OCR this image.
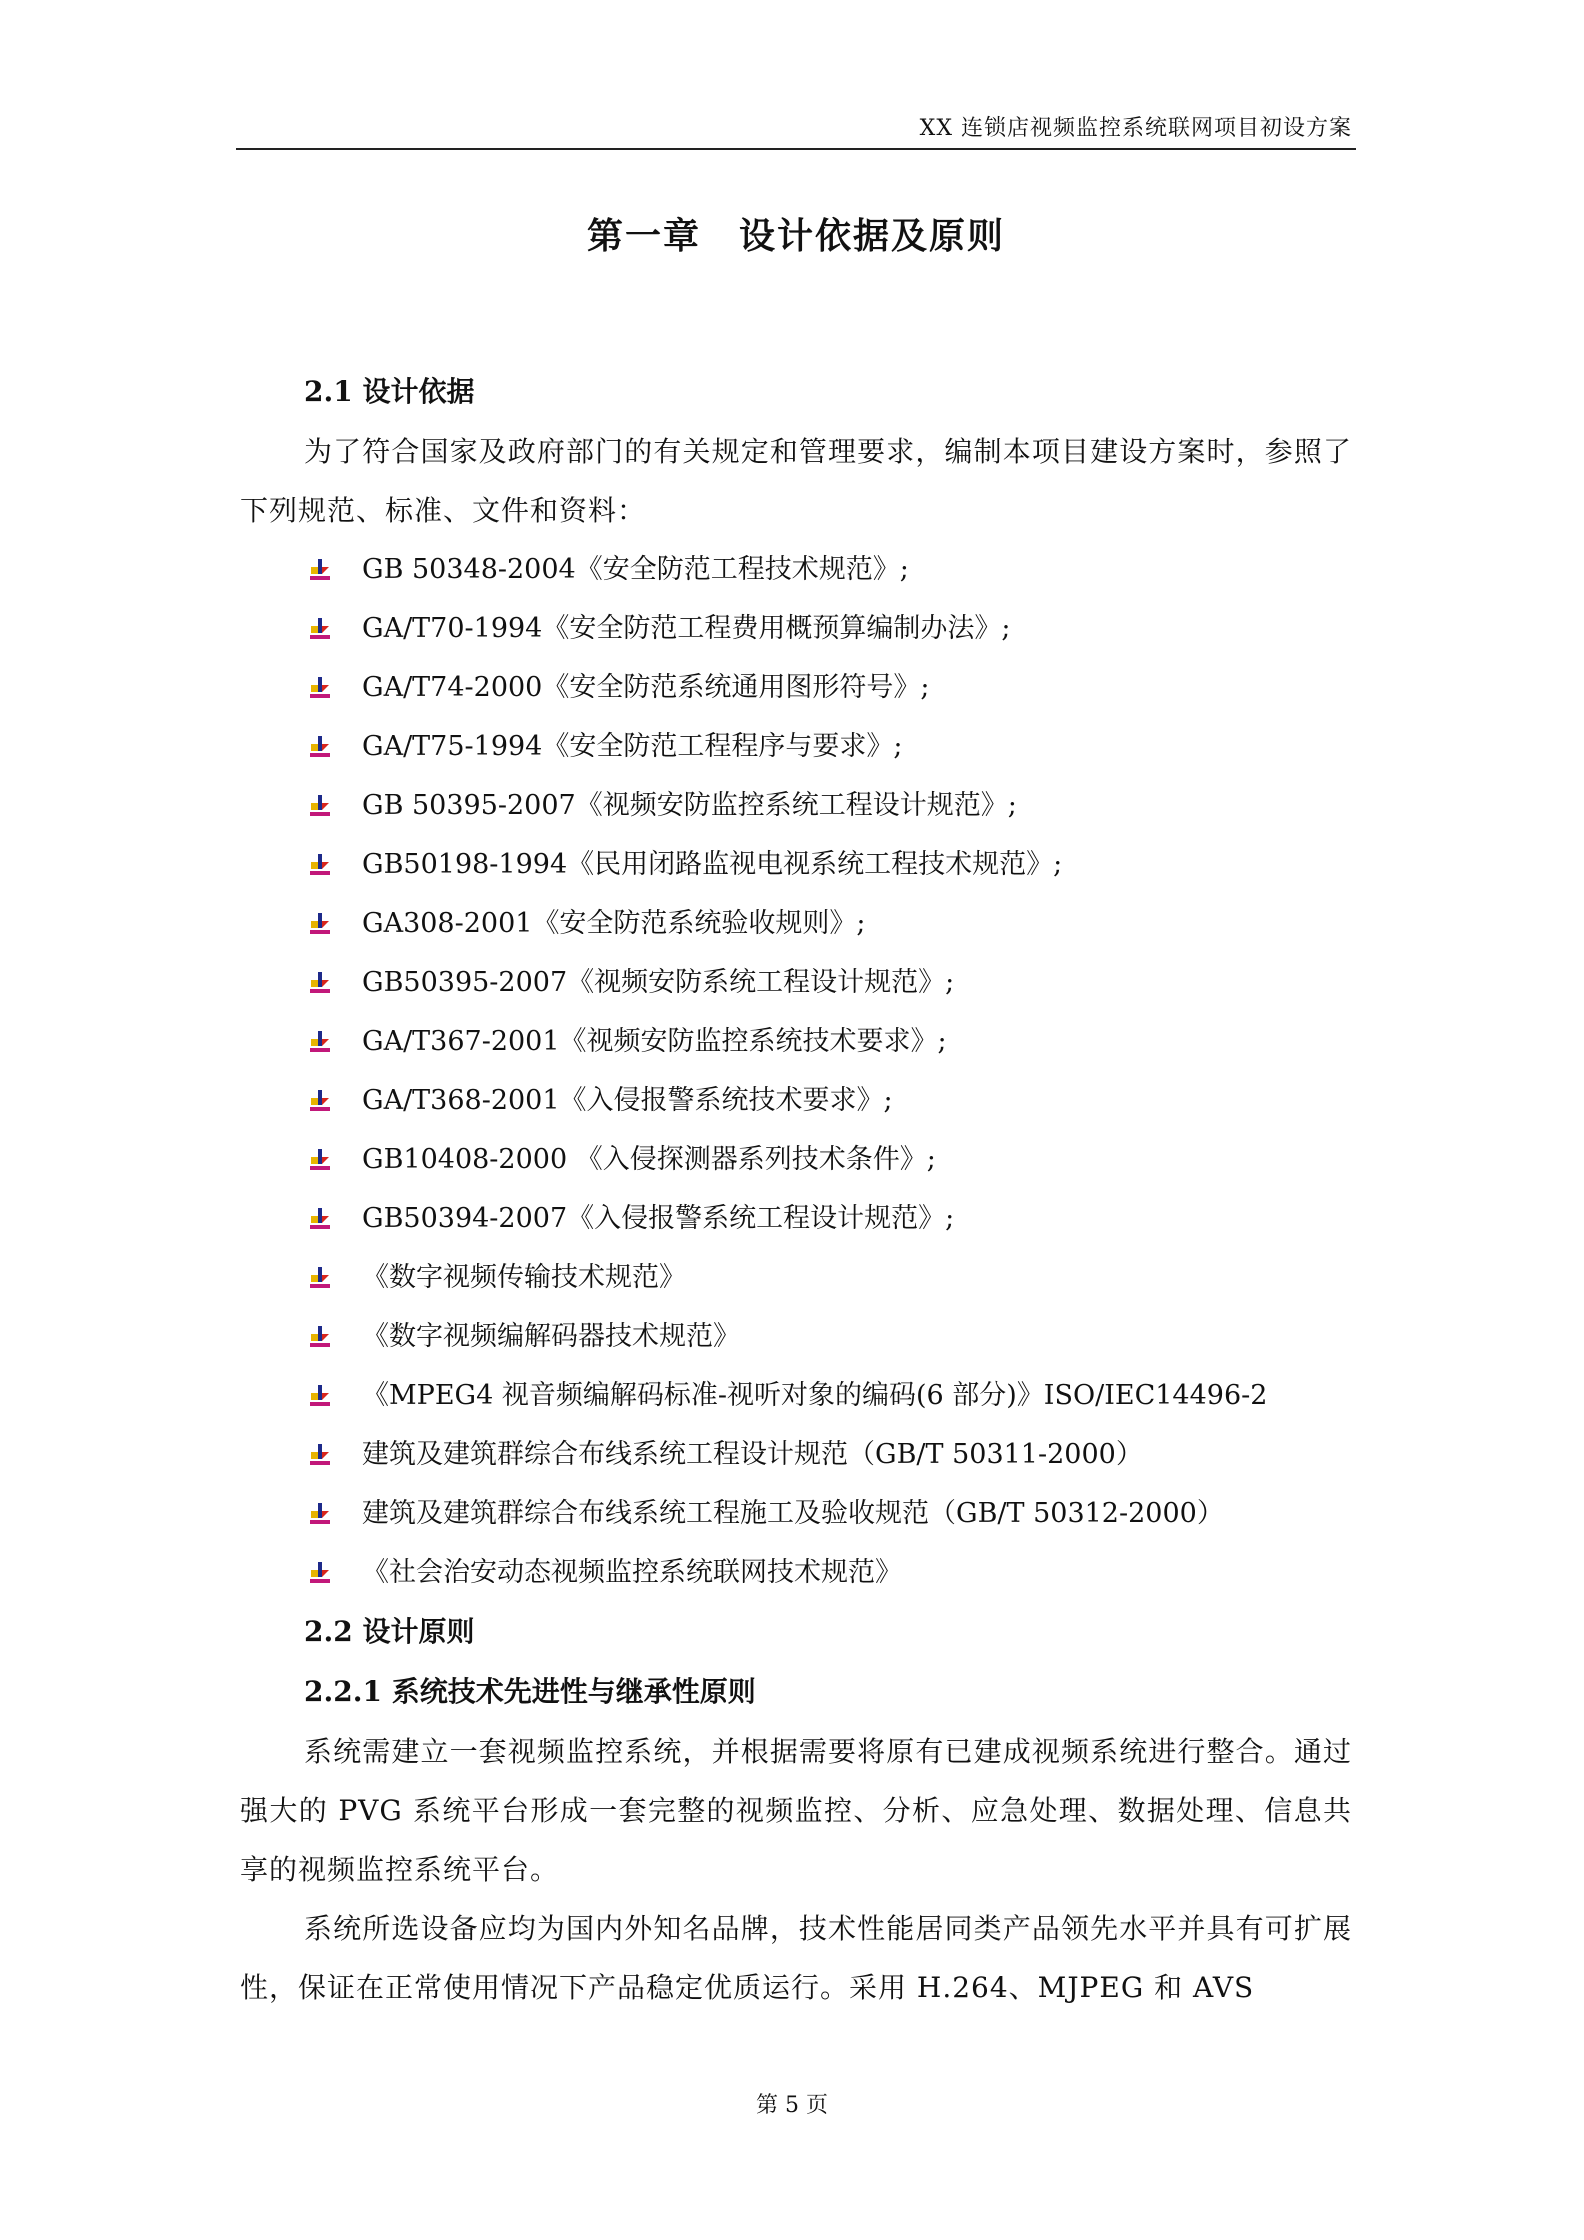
XX 连锁店视频监控系统联网项目初设方案
第一章　设计依据及原则
2.1 设计依据
为了符合国家及政府部门的有关规定和管理要求，编制本项目建设方案时，参照了下列规范、标准、文件和资料：
GB 50348-2004《安全防范工程技术规范》;
GA/T70-1994《安全防范工程费用概预算编制办法》;
GA/T74-2000《安全防范系统通用图形符号》;
GA/T75-1994《安全防范工程程序与要求》;
GB 50395-2007《视频安防监控系统工程设计规范》;
GB50198-1994《民用闭路监视电视系统工程技术规范》;
GA308-2001《安全防范系统验收规则》;
GB50395-2007《视频安防系统工程设计规范》;
GA/T367-2001《视频安防监控系统技术要求》;
GA/T368-2001《入侵报警系统技术要求》;
GB10408-2000 《入侵探测器系列技术条件》;
GB50394-2007《入侵报警系统工程设计规范》;
《数字视频传输技术规范》
《数字视频编解码器技术规范》
《MPEG4 视音频编解码标准-视听对象的编码(6 部分)》ISO/IEC14496-2
建筑及建筑群综合布线系统工程设计规范（GB/T 50311-2000）
建筑及建筑群综合布线系统工程施工及验收规范（GB/T 50312-2000）
《社会治安动态视频监控系统联网技术规范》
2.2 设计原则
2.2.1 系统技术先进性与继承性原则
系统需建立一套视频监控系统，并根据需要将原有已建成视频系统进行整合。通过强大的 PVG 系统平台形成一套完整的视频监控、分析、应急处理、数据处理、信息共享的视频监控系统平台。
系统所选设备应均为国内外知名品牌，技术性能居同类产品领先水平并具有可扩展性，保证在正常使用情况下产品稳定优质运行。采用 H.264、MJPEG 和 AVS
第 5 页
